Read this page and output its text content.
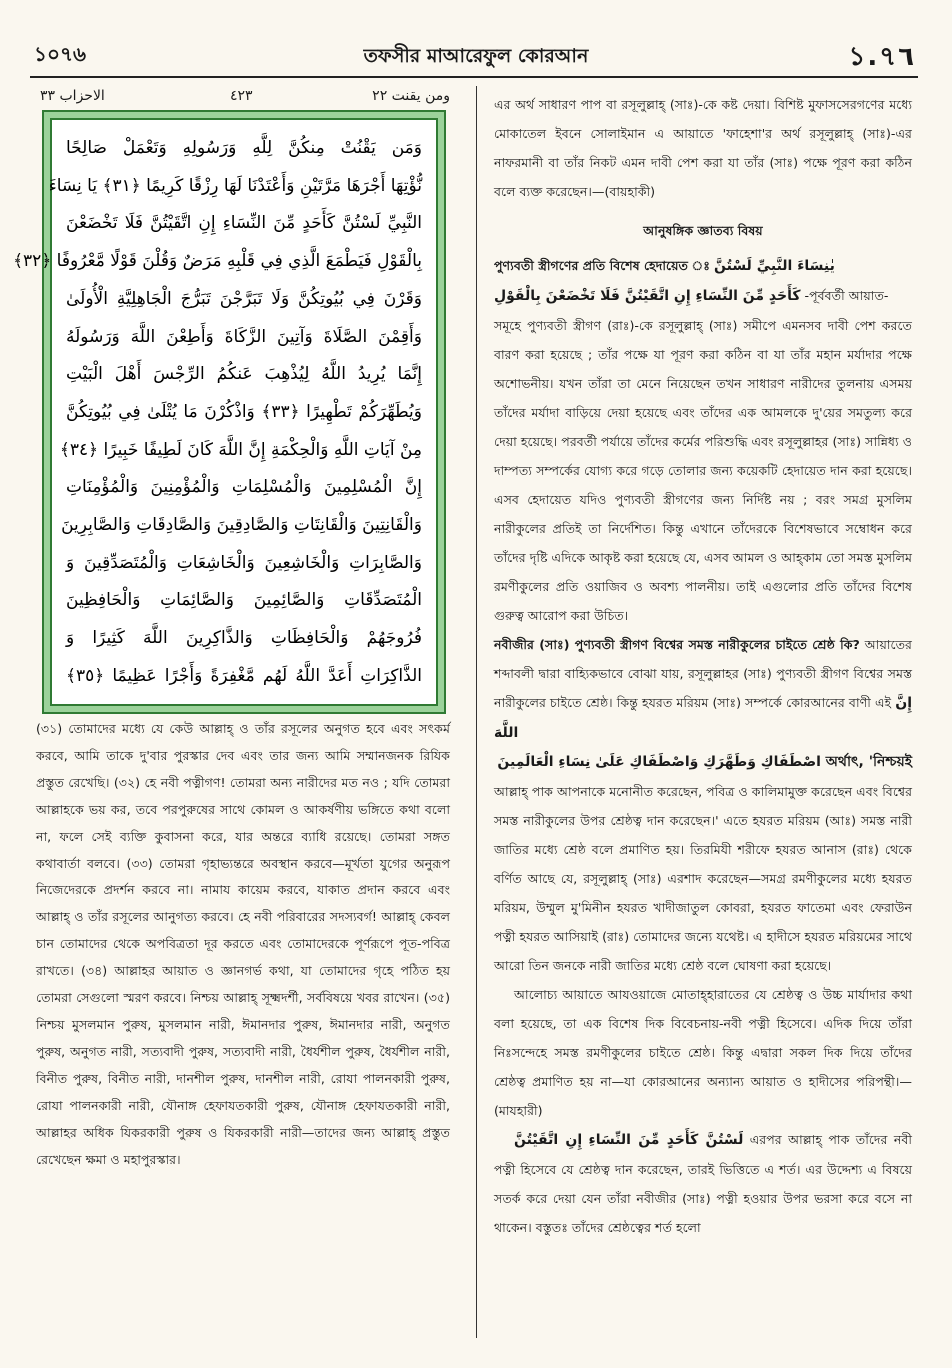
১০৭৬	তফসীর মাআরেফুল কোরআন	১.৭٦
ومن يقنت ٢٢
٤٢٣
الاحزاب ٣٣
وَمَن يَقْنُتْ مِنكُنَّ لِلَّهِ وَرَسُولِهِ وَتَعْمَلْ صَالِحًا
نُّؤْتِهَا أَجْرَهَا مَرَّتَيْنِ وَأَعْتَدْنَا لَهَا رِزْقًا كَرِيمًا ﴿٣١﴾ يَا نِسَاءَ
النَّبِيِّ لَسْتُنَّ كَأَحَدٍ مِّنَ النِّسَاءِ إِنِ اتَّقَيْتُنَّ فَلَا تَخْضَعْنَ
بِالْقَوْلِ فَيَطْمَعَ الَّذِي فِي قَلْبِهِ مَرَضٌ وَقُلْنَ قَوْلًا مَّعْرُوفًا ﴿٣٢﴾
وَقَرْنَ فِي بُيُوتِكُنَّ وَلَا تَبَرَّجْنَ تَبَرُّجَ الْجَاهِلِيَّةِ الْأُولَىٰ
وَأَقِمْنَ الصَّلَاةَ وَآتِينَ الزَّكَاةَ وَأَطِعْنَ اللَّهَ وَرَسُولَهُ
إِنَّمَا يُرِيدُ اللَّهُ لِيُذْهِبَ عَنكُمُ الرِّجْسَ أَهْلَ الْبَيْتِ
وَيُطَهِّرَكُمْ تَطْهِيرًا ﴿٣٣﴾ وَاذْكُرْنَ مَا يُتْلَىٰ فِي بُيُوتِكُنَّ
مِنْ آيَاتِ اللَّهِ وَالْحِكْمَةِ إِنَّ اللَّهَ كَانَ لَطِيفًا خَبِيرًا ﴿٣٤﴾
إِنَّ الْمُسْلِمِينَ وَالْمُسْلِمَاتِ وَالْمُؤْمِنِينَ وَالْمُؤْمِنَاتِ
وَالْقَانِتِينَ وَالْقَانِتَاتِ وَالصَّادِقِينَ وَالصَّادِقَاتِ وَالصَّابِرِينَ
وَالصَّابِرَاتِ وَالْخَاشِعِينَ وَالْخَاشِعَاتِ وَالْمُتَصَدِّقِينَ وَ
الْمُتَصَدِّقَاتِ وَالصَّائِمِينَ وَالصَّائِمَاتِ وَالْحَافِظِينَ
فُرُوجَهُمْ وَالْحَافِظَاتِ وَالذَّاكِرِينَ اللَّهَ كَثِيرًا وَ
الذَّاكِرَاتِ أَعَدَّ اللَّهُ لَهُم مَّغْفِرَةً وَأَجْرًا عَظِيمًا ﴿٣٥﴾

(৩১) তোমাদের মধ্যে যে কেউ আল্লাহ্ ও তাঁর রসূলের অনুগত হবে এবং সৎকর্ম করবে, আমি তাকে দু'বার পুরস্কার দেব এবং তার জন্য আমি সম্মানজনক রিযিক প্রস্তুত রেখেছি। (৩২) হে নবী পত্নীগণ! তোমরা অন্য নারীদের মত নও ; যদি তোমরা আল্লাহকে ভয় কর, তবে পরপুরুষের সাথে কোমল ও আকর্ষণীয় ভঙ্গিতে কথা বলো না, ফলে সেই ব্যক্তি কুবাসনা করে, যার অন্তরে ব্যাধি রয়েছে। তোমরা সঙ্গত কথাবার্তা বলবে। (৩৩) তোমরা গৃহাভ্যন্তরে অবস্থান করবে—মূর্খতা যুগের অনুরূপ নিজেদেরকে প্রদর্শন করবে না। নামায কায়েম করবে, যাকাত প্রদান করবে এবং আল্লাহ্ ও তাঁর রসূলের আনুগত্য করবে। হে নবী পরিবারের সদস্যবর্গ! আল্লাহ্ কেবল চান তোমাদের থেকে অপবিত্রতা দূর করতে এবং তোমাদেরকে পূর্ণরূপে পূত-পবিত্র রাখতে। (৩৪) আল্লাহর আয়াত ও জ্ঞানগর্ভ কথা, যা তোমাদের গৃহে পঠিত হয় তোমরা সেগুলো স্মরণ করবে। নিশ্চয় আল্লাহ্ সূক্ষ্মদর্শী, সর্ববিষয়ে খবর রাখেন। (৩৫) নিশ্চয় মুসলমান পুরুষ, মুসলমান নারী, ঈমানদার পুরুষ, ঈমানদার নারী, অনুগত পুরুষ, অনুগত নারী, সত্যবাদী পুরুষ, সত্যবাদী নারী, ধৈর্যশীল পুরুষ, ধৈর্যশীল নারী, বিনীত পুরুষ, বিনীত নারী, দানশীল পুরুষ, দানশীল নারী, রোযা পালনকারী পুরুষ, রোযা পালনকারী নারী, যৌনাঙ্গ হেফাযতকারী পুরুষ, যৌনাঙ্গ হেফাযতকারী নারী, আল্লাহর অধিক যিকরকারী পুরুষ ও যিকরকারী নারী—তাদের জন্য আল্লাহ্ প্রস্তুত রেখেছেন ক্ষমা ও মহাপুরস্কার।

এর অর্থ সাধারণ পাপ বা রসূলুল্লাহ্ (সাঃ)-কে কষ্ট দেয়া। বিশিষ্ট মুফাসসেরগণের মধ্যে মোকাতেল ইবনে সোলাইমান এ আয়াতে 'ফাহেশা'র অর্থ রসূলুল্লাহ্ (সাঃ)-এর নাফরমানী বা তাঁর নিকট এমন দাবী পেশ করা যা তাঁর (সাঃ) পক্ষে পূরণ করা কঠিন বলে ব্যক্ত করেছেন।—(বায়হাকী)

আনুষঙ্গিক জ্ঞাতব্য বিষয়

পুণ্যবতী স্ত্রীগণের প্রতি বিশেষ হেদায়েত ঃ يٰنِسَاءَ النَّبِيِّ لَسْتُنَّ

كَأَحَدٍ مِّنَ النِّسَاءِ إِنِ اتَّقَيْتُنَّ فَلَا تَخْضَعْنَ بِالْقَوْلِ -পূর্ববর্তী আয়াত-

সমূহে পুণ্যবতী স্ত্রীগণ (রাঃ)-কে রসূলুল্লাহ্ (সাঃ) সমীপে এমনসব দাবী পেশ করতে বারণ করা হয়েছে ; তাঁর পক্ষে যা পূরণ করা কঠিন বা যা তাঁর মহান মর্যাদার পক্ষে অশোভনীয়। যখন তাঁরা তা মেনে নিয়েছেন তখন সাধারণ নারীদের তুলনায় এসময় তাঁদের মর্যাদা বাড়িয়ে দেয়া হয়েছে এবং তাঁদের এক আমলকে দু'য়ের সমতুল্য করে দেয়া হয়েছে। পরবর্তী পর্যায়ে তাঁদের কর্মের পরিশুদ্ধি এবং রসূলুল্লাহর (সাঃ) সান্নিধ্য ও দাম্পত্য সম্পর্কের যোগ্য করে গড়ে তোলার জন্য কয়েকটি হেদায়েত দান করা হয়েছে। এসব হেদায়েত যদিও পুণ্যবতী স্ত্রীগণের জন্য নির্দিষ্ট নয় ; বরং সমগ্র মুসলিম নারীকুলের প্রতিই তা নির্দেশিত। কিন্তু এখানে তাঁদেরকে বিশেষভাবে সম্বোধন করে তাঁদের দৃষ্টি এদিকে আকৃষ্ট করা হয়েছে যে, এসব আমল ও আহ্কাম তো সমস্ত মুসলিম রমণীকুলের প্রতি ওয়াজিব ও অবশ্য পালনীয়। তাই এগুলোর প্রতি তাঁদের বিশেষ গুরুত্ব আরোপ করা উচিত।

নবীজীর (সাঃ) পুণ্যবতী স্ত্রীগণ বিশ্বের সমস্ত নারীকুলের চাইতে শ্রেষ্ঠ কি? আয়াতের শব্দাবলী দ্বারা বাহ্যিকভাবে বোঝা যায়, রসূলুল্লাহর (সাঃ) পুণ্যবতী স্ত্রীগণ বিশ্বের সমস্ত নারীকুলের চাইতে শ্রেষ্ঠ। কিন্তু হযরত মরিয়ম (সাঃ) সম্পর্কে কোরআনের বাণী এই إِنَّ اللَّهَ

অর্থাৎ, 'নিশ্চয়ই اصْطَفَاكِ وَطَهَّرَكِ وَاصْطَفَاكِ عَلَىٰ نِسَاءِ الْعَالَمِينَ

আল্লাহ্ পাক আপনাকে মনোনীত করেছেন, পবিত্র ও কালিমামুক্ত করেছেন এবং বিশ্বের সমস্ত নারীকুলের উপর শ্রেষ্ঠত্ব দান করেছেন।' এতে হযরত মরিয়ম (আঃ) সমস্ত নারী জাতির মধ্যে শ্রেষ্ঠ বলে প্রমাণিত হয়। তিরমিযী শরীফে হযরত আনাস (রাঃ) থেকে বর্ণিত আছে যে, রসূলুল্লাহ্ (সাঃ) এরশাদ করেছেন—সমগ্র রমণীকুলের মধ্যে হযরত মরিয়ম, উম্মুল মু'মিনীন হযরত খাদীজাতুল কোবরা, হযরত ফাতেমা এবং ফেরাউন পত্নী হযরত আসিয়াই (রাঃ) তোমাদের জন্যে যথেষ্ট। এ হাদীসে হযরত মরিয়মের সাথে আরো তিন জনকে নারী জাতির মধ্যে শ্রেষ্ঠ বলে ঘোষণা করা হয়েছে।

আলোচ্য আয়াতে আযওয়াজে মোতাহ্হারাতের যে শ্রেষ্ঠত্ব ও উচ্চ মার্যাদার কথা বলা হয়েছে, তা এক বিশেষ দিক বিবেচনায়-নবী পত্নী হিসেবে। এদিক দিয়ে তাঁরা নিঃসন্দেহে সমস্ত রমণীকুলের চাইতে শ্রেষ্ঠ। কিন্তু এদ্বারা সকল দিক দিয়ে তাঁদের শ্রেষ্ঠত্ব প্রমাণিত হয় না—যা কোরআনের অন্যান্য আয়াত ও হাদীসের পরিপন্থী।—(মাযহারী)

إِنِ اتَّقَيْتُنَّ لَسْتُنَّ كَأَحَدٍ مِّنَ النِّسَاءِ এরপর আল্লাহ্ পাক তাঁদের নবী পত্নী হিসেবে যে শ্রেষ্ঠত্ব দান করেছেন, তারই ভিত্তিতে এ শর্ত। এর উদ্দেশ্য এ বিষয়ে সতর্ক করে দেয়া যেন তাঁরা নবীজীর (সাঃ) পত্নী হওয়ার উপর ভরসা করে বসে না থাকেন। বস্তুতঃ তাঁদের শ্রেষ্ঠত্বের শর্ত হলো
